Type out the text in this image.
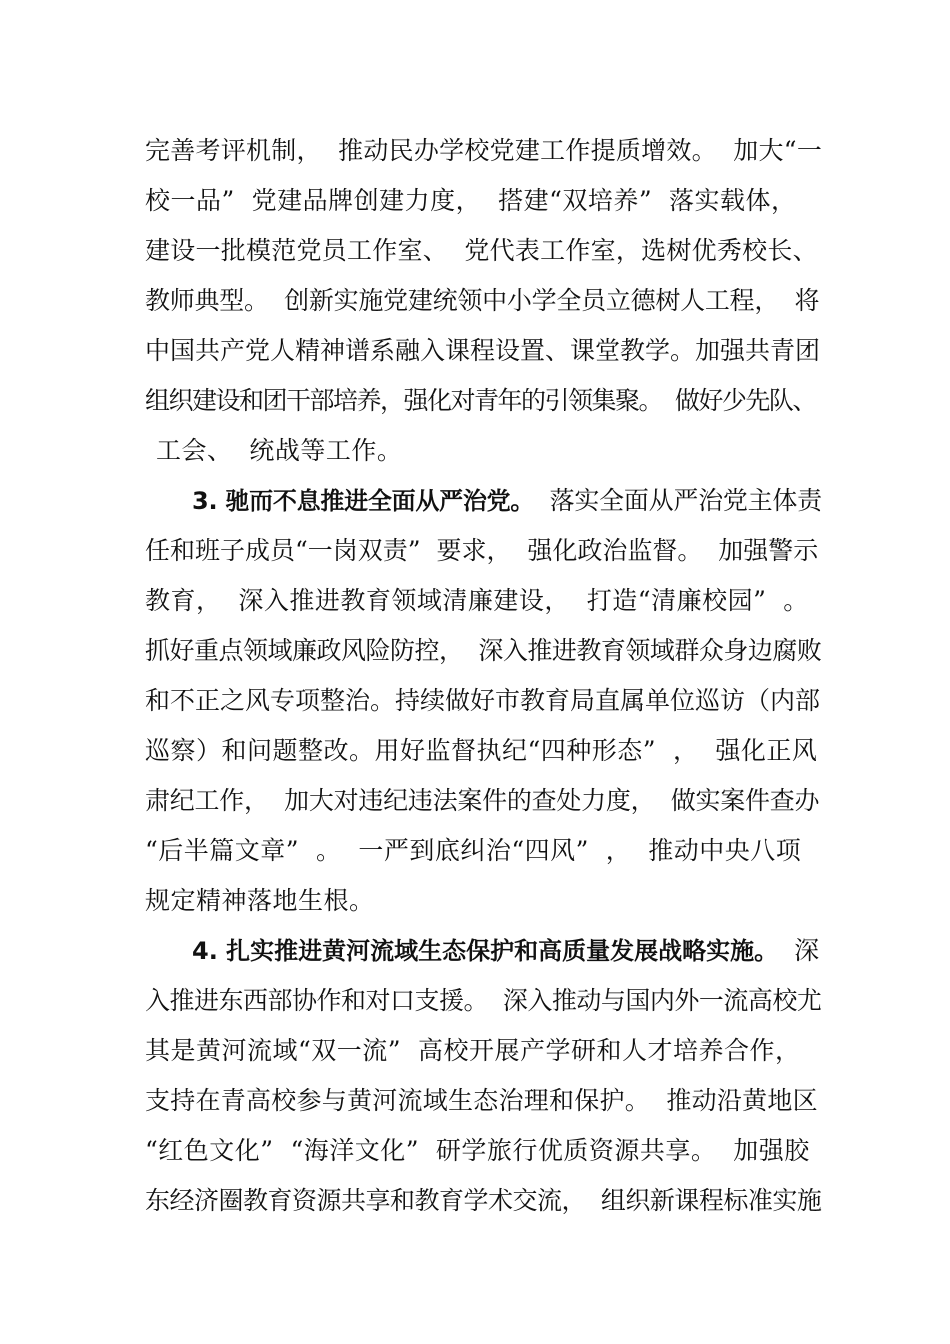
完善考评机制，  推动民办学校党建工作提质增效。  加大“一
校一品”  党建品牌创建力度，  搭建“双培养”  落实载体，
建设一批模范党员工作室、  党代表工作室，选树优秀校长、
教师典型。  创新实施党建统领中小学全员立德树人工程，  将
中国共产党人精神谱系融入课程设置、课堂教学。加强共青团
组织建设和团干部培养，强化对青年的引领集聚。  做好少先队、
工会、  统战等工作。
3. 驰而不息推进全面从严治党。  落实全面从严治党主体责
任和班子成员“一岗双责”  要求，  强化政治监督。  加强警示
教育，  深入推进教育领域清廉建设，  打造“清廉校园”  。
抓好重点领域廉政风险防控，  深入推进教育领域群众身边腐败
和不正之风专项整治。持续做好市教育局直属单位巡访（内部
巡察）和问题整改。用好监督执纪“四种形态”  ，  强化正风
肃纪工作，  加大对违纪违法案件的查处力度，  做实案件查办
“后半篇文章”  。  一严到底纠治“四风”  ，  推动中央八项
规定精神落地生根。
4. 扎实推进黄河流域生态保护和高质量发展战略实施。  深
入推进东西部协作和对口支援。  深入推动与国内外一流高校尤
其是黄河流域“双一流”  高校开展产学研和人才培养合作，
支持在青高校参与黄河流域生态治理和保护。  推动沿黄地区
“红色文化”  “海洋文化”  研学旅行优质资源共享。  加强胶
东经济圈教育资源共享和教育学术交流，  组织新课程标准实施
